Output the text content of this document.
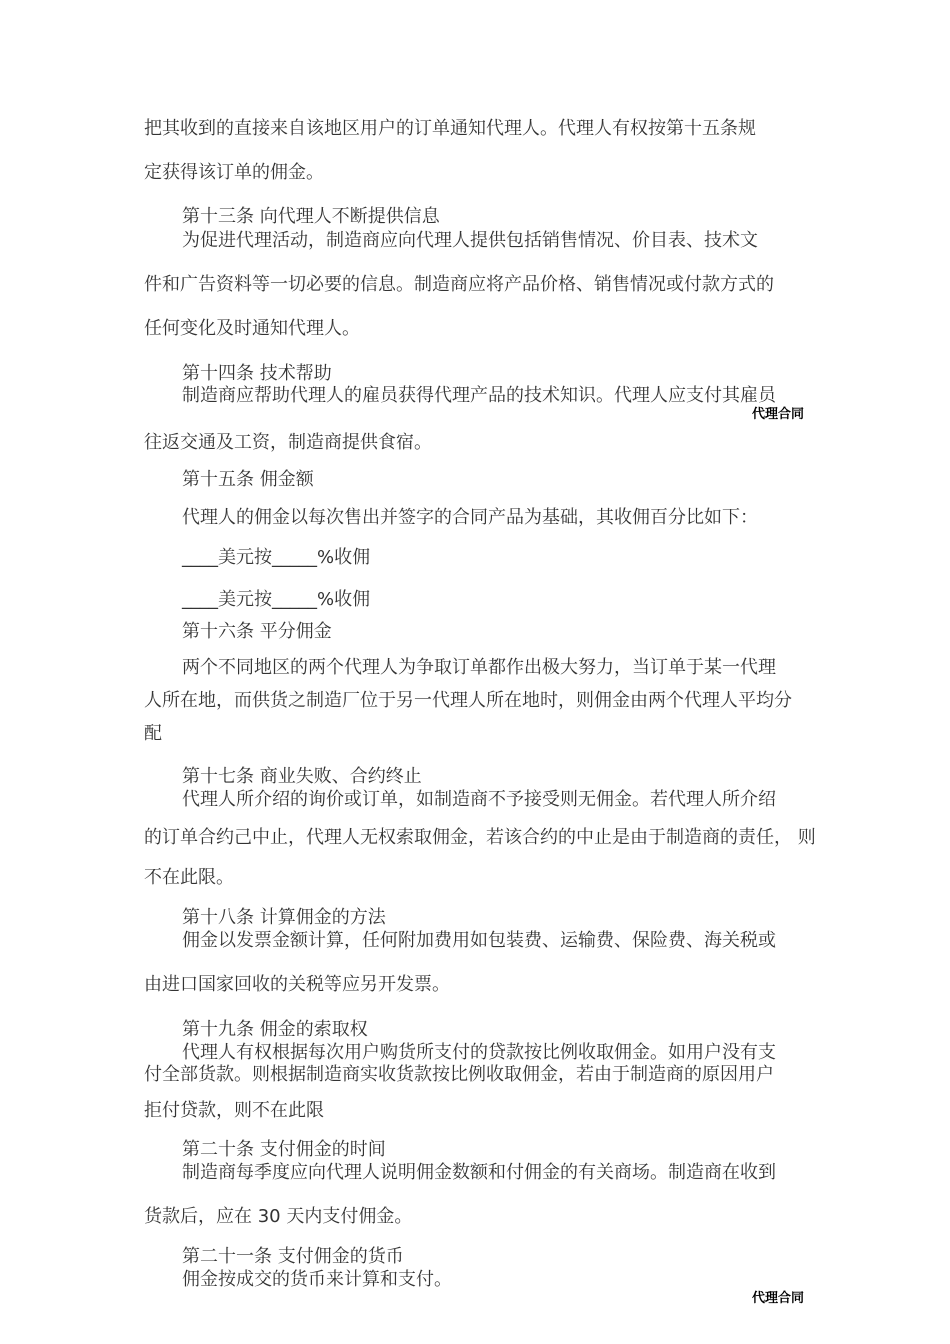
把其收到的直接来自该地区用户的订单通知代理人。代理人有权按第十五条规

定获得该订单的佣金。

第十三条 向代理人不断提供信息

为促进代理活动，制造商应向代理人提供包括销售情况、价目表、技术文

件和广告资料等一切必要的信息。制造商应将产品价格、销售情况或付款方式的

任何变化及时通知代理人。

第十四条 技术帮助

制造商应帮助代理人的雇员获得代理产品的技术知识。代理人应支付其雇员

代理合同

往返交通及工资，制造商提供食宿。

第十五条 佣金额

代理人的佣金以每次售出并签字的合同产品为基础，其收佣百分比如下：

____美元按_____%收佣

____美元按_____%收佣

第十六条 平分佣金

两个不同地区的两个代理人为争取订单都作出极大努力，当订单于某一代理

人所在地，而供货之制造厂位于另一代理人所在地时，则佣金由两个代理人平均分

配

第十七条 商业失败、合约终止

代理人所介绍的询价或订单，如制造商不予接受则无佣金。若代理人所介绍

的订单合约己中止，代理人无权索取佣金，若该合约的中止是由于制造商的责任， 则

不在此限。

第十八条 计算佣金的方法

佣金以发票金额计算，任何附加费用如包装费、运输费、保险费、海关税或

由进口国家回收的关税等应另开发票。

第十九条 佣金的索取权

代理人有权根据每次用户购货所支付的贷款按比例收取佣金。如用户没有支

付全部货款。则根据制造商实收货款按比例收取佣金，若由于制造商的原因用户

拒付贷款，则不在此限

第二十条 支付佣金的时间

制造商每季度应向代理人说明佣金数额和付佣金的有关商场。制造商在收到

货款后，应在 30 天内支付佣金。

第二十一条 支付佣金的货币

佣金按成交的货币来计算和支付。

代理合同
